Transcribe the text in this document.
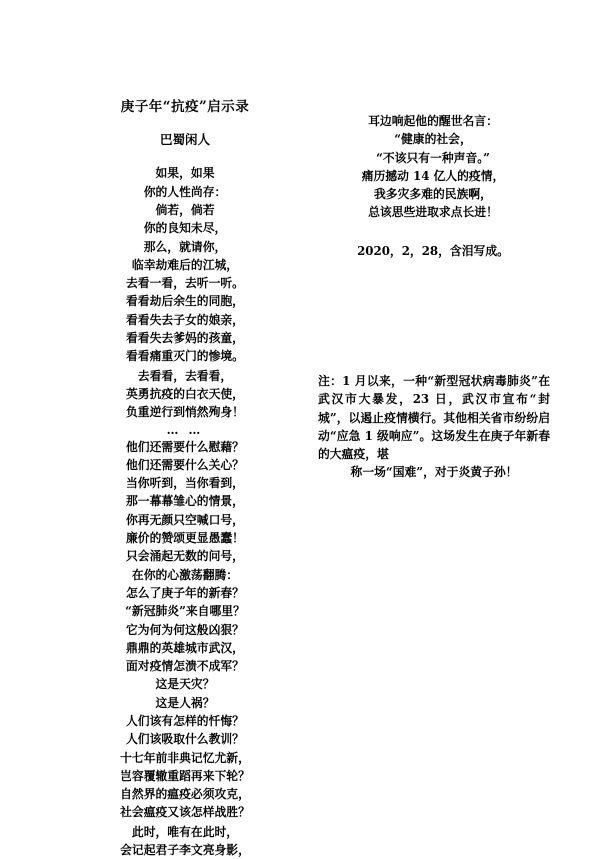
庚子年“抗疫”启示录
巴蜀闲人
如果，如果
你的人性尚存：
倘若，倘若
你的良知未尽，
那么，就请你，
临幸劫难后的江城，
去看一看，去听一听。
看看劫后余生的同胞，
看看失去子女的娘亲，
看看失去爹妈的孩童，
看看痛重灭门的惨境。
去看看，去看看，
英勇抗疫的白衣天使，
负重逆行到悄然殉身！
… …
他们还需要什么慰藉？
他们还需要什么关心？
当你听到，当你看到，
那一幕幕雏心的情景，
你再无颜只空喊口号，
廉价的赞颂更显愚蠢！
只会涌起无数的问号，
在你的心激荡翻腾：
怎么了庚子年的新春？
“新冠肺炎”来自哪里？
它为何为何这般凶狠？
鼎鼎的英雄城市武汉，
面对疫情怎溃不成军？
这是天灾？
这是人祸？
人们该有怎样的忏悔？
人们该吸取什么教训？
十七年前非典记忆尤新，
岂容覆辙重蹈再来下轮？
自然界的瘟疫必须攻克，
社会瘟疫又该怎样战胜？
此时，唯有在此时，
会记起君子李文亮身影，
耳边响起他的醒世名言：
“健康的社会，
“不该只有一种声音。”
痛历撼动 14 亿人的疫情，
我多灾多难的民族啊，
总该思些进取求点长进！
2020，2，28，含泪写成。
注：1 月以来，一种“新型冠状病毒肺炎”在武汉市大暴发，23 日，武汉市宣布“封城”，以遏止疫情横行。其他相关省市纷纷启动“应急 1 级响应”。这场发生在庚子年新春的大瘟疫，堪
称一场“国难”，对于炎黄子孙！
